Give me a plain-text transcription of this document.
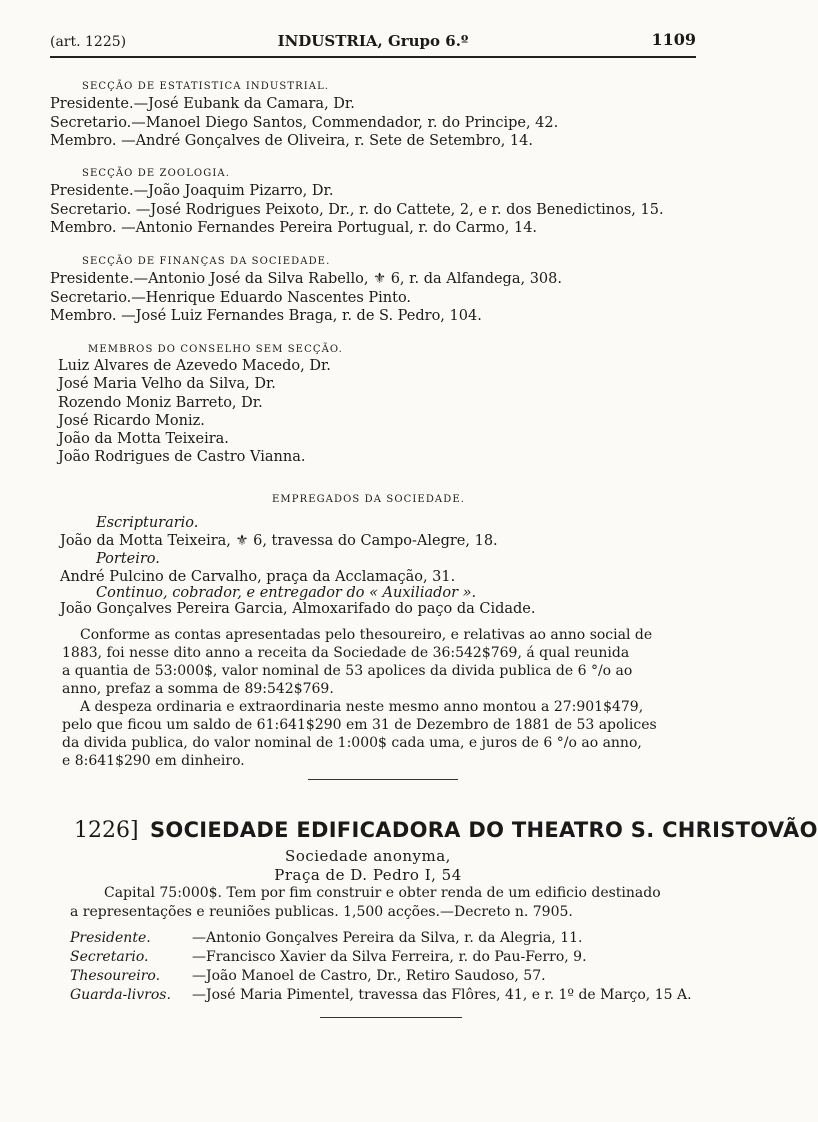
(art. 1225)	INDUSTRIA, Grupo 6.º	1109
SECÇÃO DE ESTATISTICA INDUSTRIAL.
Presidente.—José Eubank da Camara, Dr.
Secretario.—Manoel Diego Santos, Commendador, r. do Principe, 42.
Membro. —André Gonçalves de Oliveira, r. Sete de Setembro, 14.
SECÇÃO DE ZOOLOGIA.
Presidente.—João Joaquim Pizarro, Dr.
Secretario. —José Rodrigues Peixoto, Dr., r. do Cattete, 2, e r. dos Benedictinos, 15.
Membro. —Antonio Fernandes Pereira Portugual, r. do Carmo, 14.
SECÇÃO DE FINANÇAS DA SOCIEDADE.
Presidente.—Antonio José da Silva Rabello, ⚜ 6, r. da Alfandega, 308.
Secretario.—Henrique Eduardo Nascentes Pinto.
Membro. —José Luiz Fernandes Braga, r. de S. Pedro, 104.
MEMBROS DO CONSELHO SEM SECÇÃO.
Luiz Alvares de Azevedo Macedo, Dr.
José Maria Velho da Silva, Dr.
Rozendo Moniz Barreto, Dr.
José Ricardo Moniz.
João da Motta Teixeira.
João Rodrigues de Castro Vianna.
EMPREGADOS DA SOCIEDADE.
Escripturario.
João da Motta Teixeira, ⚜ 6, travessa do Campo-Alegre, 18.
Porteiro.
André Pulcino de Carvalho, praça da Acclamação, 31.
Continuo, cobrador, e entregador do « Auxiliador ».
João Gonçalves Pereira Garcia, Almoxarifado do paço da Cidade.
Conforme as contas apresentadas pelo thesoureiro, e relativas ao anno social de
1883, foi nesse dito anno a receita da Sociedade de 36:542$769, á qual reunida
a quantia de 53:000$, valor nominal de 53 apolices da divida publica de 6 °/o ao
anno, prefaz a somma de 89:542$769.
A despeza ordinaria e extraordinaria neste mesmo anno montou a 27:901$479,
pelo que ficou um saldo de 61:641$290 em 31 de Dezembro de 1881 de 53 apolices
da divida publica, do valor nominal de 1:000$ cada uma, e juros de 6 °/o ao anno,
e 8:641$290 em dinheiro.
1226] SOCIEDADE EDIFICADORA DO THEATRO S. CHRISTOVÃO
Sociedade anonyma,
Praça de D. Pedro I, 54
Capital 75:000$. Tem por fim construir e obter renda de um edificio destinado
a representações e reuniões publicas. 1,500 acções.—Decreto n. 7905.
Presidente.	—Antonio Gonçalves Pereira da Silva, r. da Alegria, 11.
Secretario.	—Francisco Xavier da Silva Ferreira, r. do Pau-Ferro, 9.
Thesoureiro.	—João Manoel de Castro, Dr., Retiro Saudoso, 57.
Guarda-livros.	—José Maria Pimentel, travessa das Flôres, 41, e r. 1º de Março, 15 A.
